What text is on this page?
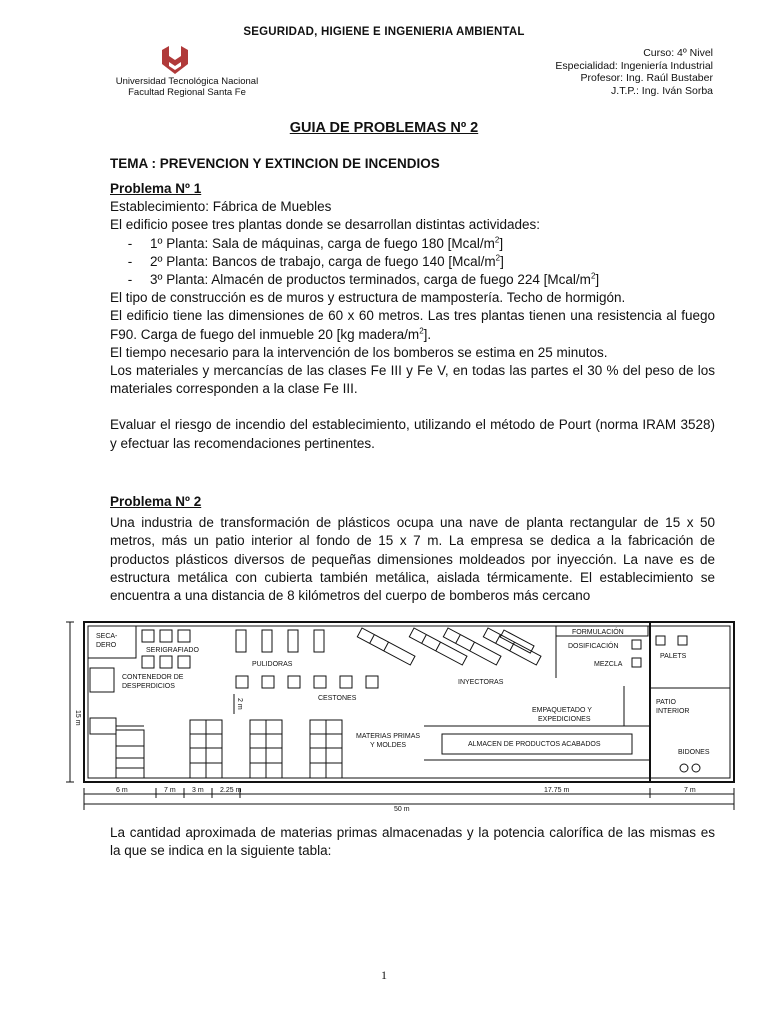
SEGURIDAD, HIGIENE E INGENIERIA AMBIENTAL
Universidad Tecnológica Nacional
Facultad Regional Santa Fe
Curso: 4º Nivel
Especialidad: Ingeniería Industrial
Profesor: Ing. Raúl Bustaber
J.T.P.: Ing. Iván Sorba
GUIA DE PROBLEMAS Nº 2
TEMA : PREVENCION Y EXTINCION DE INCENDIOS
Problema Nº 1
Establecimiento: Fábrica de Muebles
El edificio posee tres plantas donde se desarrollan distintas actividades:
-	1º Planta: Sala de máquinas, carga de fuego 180 $[Mcal/m^2]$
-	2º Planta: Bancos de trabajo, carga de fuego 140 $[Mcal/m^2]$
-	3º Planta: Almacén de productos terminados, carga de fuego 224 $[Mcal/m^2]$
El tipo de construcción es de muros y estructura de mampostería. Techo de hormigón.
El edificio tiene las dimensiones de 60 x 60 metros. Las tres plantas tienen una resistencia al fuego F90. Carga de fuego del inmueble 20 [kg madera/$m^2$].
El tiempo necesario para la intervención de los bomberos se estima en 25 minutos.
Los materiales y mercancías de las clases Fe III y Fe V, en todas las partes el 30 % del peso de los materiales corresponden a la clase Fe III.
Evaluar el riesgo de incendio del establecimiento, utilizando el método de Pourt (norma IRAM 3528) y efectuar las recomendaciones pertinentes.
Problema Nº 2
Una industria de transformación de plásticos ocupa una nave de planta rectangular de 15 x 50 metros, más un patio interior al fondo de 15 x 7 m. La empresa se dedica a la fabricación de productos plásticos diversos de pequeñas dimensiones moldeados por inyección. La nave es de estructura metálica con cubierta también metálica, aislada térmicamente. El establecimiento se encuentra a una distancia de 8 kilómetros del cuerpo de bomberos más cercano
SECA-
DERO
SERIGRAFIADO
PULIDORAS
CONTENEDOR DE
DESPERDICIOS
CESTONES
INYECTORAS
FORMULACIÓN
DOSIFICACIÓN
MEZCLA
PALETS
EMPAQUETADO Y
EXPEDICIONES
PATIO
INTERIOR
MATERIAS PRIMAS
Y MOLDES	ALMACEN DE PRODUCTOS ACABADOS
BIDONES
15 m
2 m
6 m	7 m 3 m 2.25 m	17.75 m	7 m
50 m
La cantidad aproximada de materias primas almacenadas y la potencia calorífica de las mismas es la que se indica en la siguiente tabla:
1
